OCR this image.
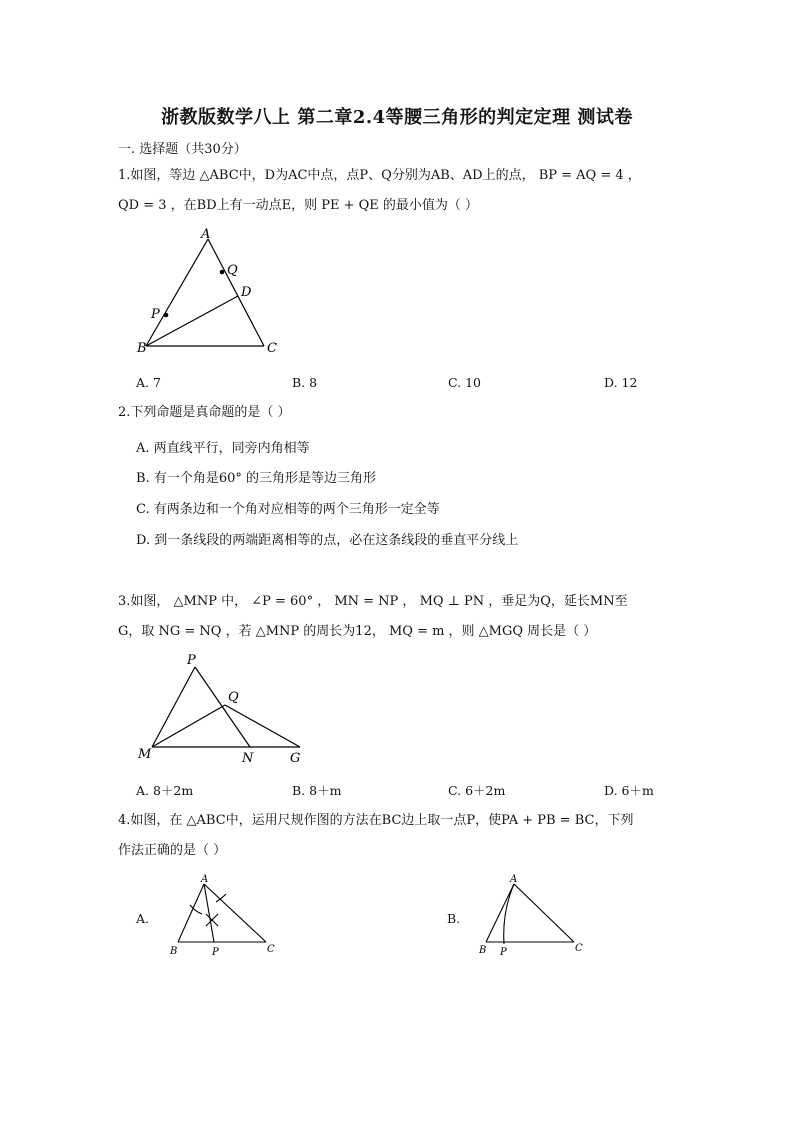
浙教版数学八上 第二章2.4等腰三角形的判定定理 测试卷
一. 选择题（共30分）
1.如图，等边 △ABC中，D为AC中点，点P、Q分别为AB、AD上的点， BP = AQ = 4 ，
QD = 3 ，在BD上有一动点E，则 PE + QE 的最小值为（ ）
A
Q
D
P
B	C
A. 7	B. 8	C. 10	D. 12
2.下列命题是真命题的是（ ）
A. 两直线平行，同旁内角相等
B. 有一个角是60° 的三角形是等边三角形
C. 有两条边和一个角对应相等的两个三角形一定全等
D. 到一条线段的两端距离相等的点，必在这条线段的垂直平分线上
3.如图， △MNP 中， ∠P = 60° ， MN = NP ， MQ ⊥ PN ，垂足为Q，延长MN至
G，取 NG = NQ ，若 △MNP 的周长为12， MQ = m ，则 △MGQ 周长是（ ）
P
Q
M	N	G
A. 8＋2m	B. 8＋m	C. 6＋2m	D. 6＋m
4.如图，在 △ABC中，运用尺规作图的方法在BC边上取一点P，使PA + PB = BC，下列
作法正确的是（ ）
A.
A
B	P	C
B.
A
B P	C
